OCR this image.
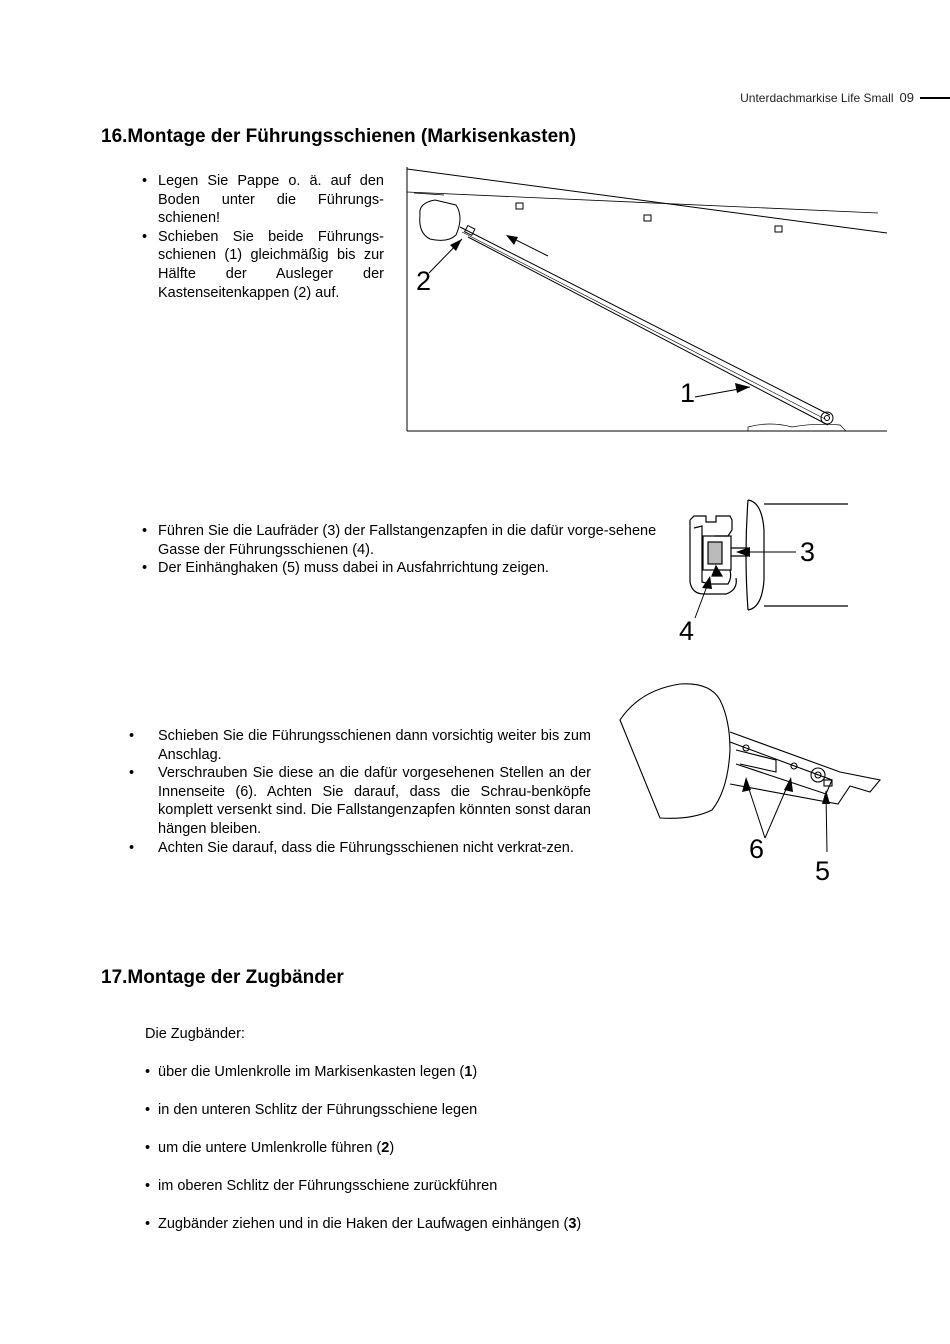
Unterdachmarkise Life Small 09
16.Montage der Führungsschienen (Markisenkasten)
• Legen Sie Pappe o. ä. auf den Boden unter die Führungs-schienen!
• Schieben Sie beide Führungs-schienen (1) gleichmäßig bis zur Hälfte der Ausleger der Kastenseitenkappen (2) auf.	2
1
• Führen Sie die Laufräder (3) der Fallstangenzapfen in die dafür vorge-sehene Gasse der Führungsschienen (4).
• Der Einhänghaken (5) muss dabei in Ausfahrrichtung zeigen.
3
4
• Schieben Sie die Führungsschienen dann vorsichtig weiter bis zum Anschlag.
• Verschrauben Sie diese an die dafür vorgesehenen Stellen an der Innenseite (6). Achten Sie darauf, dass die Schrau-benköpfe komplett versenkt sind. Die Fallstangenzapfen könnten sonst daran hängen bleiben.
• Achten Sie darauf, dass die Führungsschienen nicht verkrat-zen.	6
5
17.Montage der Zugbänder
Die Zugbänder:
• über die Umlenkrolle im Markisenkasten legen (1)
• in den unteren Schlitz der Führungsschiene legen
• um die untere Umlenkrolle führen (2)
• im oberen Schlitz der Führungsschiene zurückführen
• Zugbänder ziehen und in die Haken der Laufwagen einhängen (3)
